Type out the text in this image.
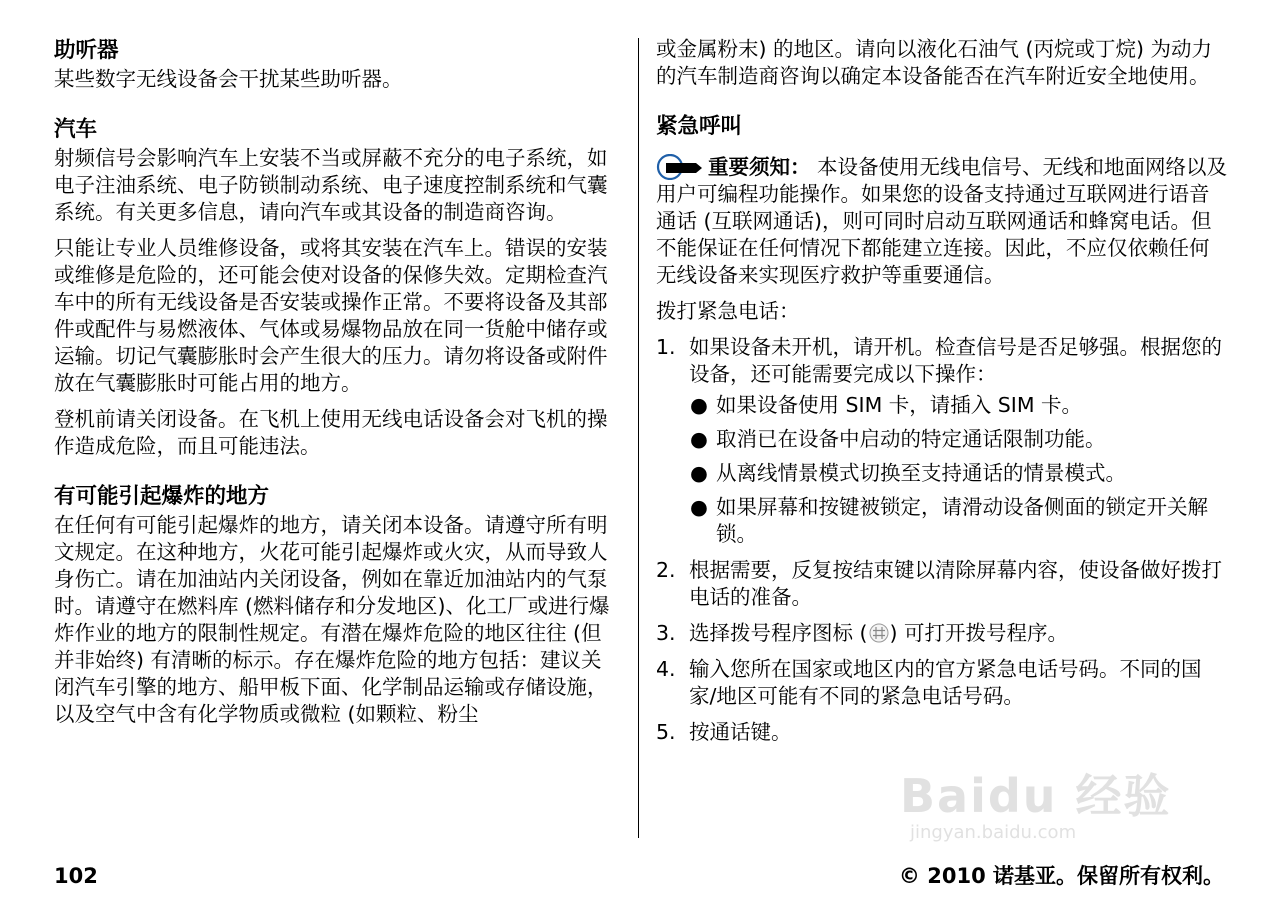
助听器

某些数字无线设备会干扰某些助听器。

汽车

射频信号会影响汽车上安装不当或屏蔽不充分的电子系统，如电子注油系统、电子防锁制动系统、电子速度控制系统和气囊系统。有关更多信息，请向汽车或其设备的制造商咨询。

只能让专业人员维修设备，或将其安装在汽车上。错误的安装或维修是危险的，还可能会使对设备的保修失效。定期检查汽车中的所有无线设备是否安装或操作正常。不要将设备及其部件或配件与易燃液体、气体或易爆物品放在同一货舱中储存或运输。切记气囊膨胀时会产生很大的压力。请勿将设备或附件放在气囊膨胀时可能占用的地方。

登机前请关闭设备。在飞机上使用无线电话设备会对飞机的操作造成危险，而且可能违法。

有可能引起爆炸的地方

在任何有可能引起爆炸的地方，请关闭本设备。请遵守所有明文规定。在这种地方，火花可能引起爆炸或火灾，从而导致人身伤亡。请在加油站内关闭设备，例如在靠近加油站内的气泵时。请遵守在燃料库 (燃料储存和分发地区)、化工厂或进行爆炸作业的地方的限制性规定。有潜在爆炸危险的地区往往 (但并非始终) 有清晰的标示。存在爆炸危险的地方包括：建议关闭汽车引擎的地方、船甲板下面、化学制品运输或存储设施，以及空气中含有化学物质或微粒 (如颗粒、粉尘

或金属粉末) 的地区。请向以液化石油气 (丙烷或丁烷) 为动力的汽车制造商咨询以确定本设备能否在汽车附近安全地使用。

紧急呼叫

重要须知： 本设备使用无线电信号、无线和地面网络以及用户可编程功能操作。如果您的设备支持通过互联网进行语音通话 (互联网通话)，则可同时启动互联网通话和蜂窝电话。但不能保证在任何情况下都能建立连接。因此，不应仅依赖任何无线设备来实现医疗救护等重要通信。

拨打紧急电话：

1. 如果设备未开机，请开机。检查信号是否足够强。根据您的设备，还可能需要完成以下操作：
● 如果设备使用 SIM 卡，请插入 SIM 卡。
● 取消已在设备中启动的特定通话限制功能。
● 从离线情景模式切换至支持通话的情景模式。
● 如果屏幕和按键被锁定，请滑动设备侧面的锁定开关解锁。
2. 根据需要，反复按结束键以清除屏幕内容，使设备做好拨打电话的准备。
3. 选择拨号程序图标 ( ) 可打开拨号程序。
4. 输入您所在国家或地区内的官方紧急电话号码。不同的国家/地区可能有不同的紧急电话号码。
5. 按通话键。
Baidu 经验
jingyan.baidu.com
102	© 2010 诺基亚。保留所有权利。
